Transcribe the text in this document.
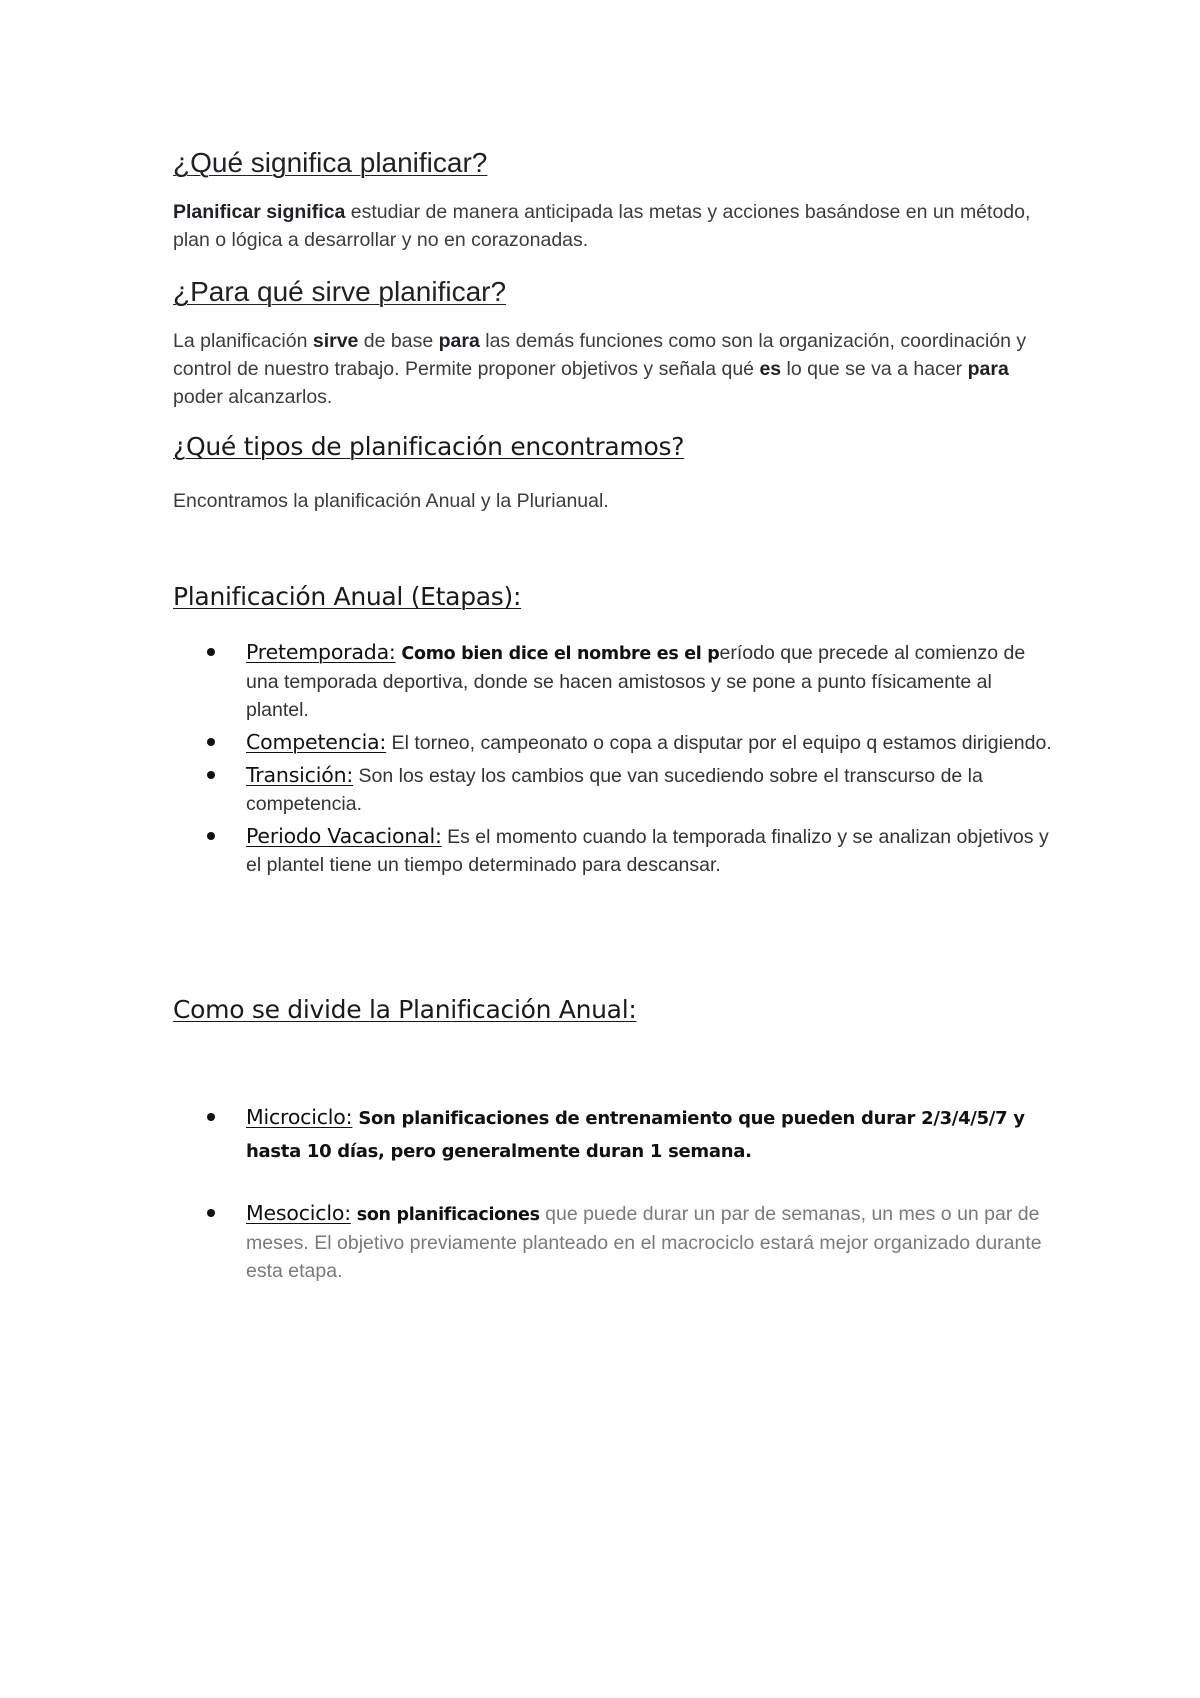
¿Qué significa planificar?

Planificar significa estudiar de manera anticipada las metas y acciones basándose en un método, plan o lógica a desarrollar y no en corazonadas.

¿Para qué sirve planificar?

La planificación sirve de base para las demás funciones como son la organización, coordinación y control de nuestro trabajo. Permite proponer objetivos y señala qué es lo que se va a hacer para poder alcanzarlos.

¿Qué tipos de planificación encontramos?

Encontramos la planificación Anual y la Plurianual.

Planificación Anual (Etapas):
Pretemporada: Como bien dice el nombre es el período que precede al comienzo de una temporada deportiva, donde se hacen amistosos y se pone a punto físicamente al plantel.
Competencia: El torneo, campeonato o copa a disputar por el equipo q estamos dirigiendo.
Transición: Son los estay los cambios que van sucediendo sobre el transcurso de la competencia.
Periodo Vacacional: Es el momento cuando la temporada finalizo y se analizan objetivos y el plantel tiene un tiempo determinado para descansar.
Como se divide la Planificación Anual:
Microciclo: Son planificaciones de entrenamiento que pueden durar 2/3/4/5/7 y hasta 10 días, pero generalmente duran 1 semana.
Mesociclo: son planificaciones que puede durar un par de semanas, un mes o un par de meses. El objetivo previamente planteado en el macrociclo estará mejor organizado durante esta etapa.
